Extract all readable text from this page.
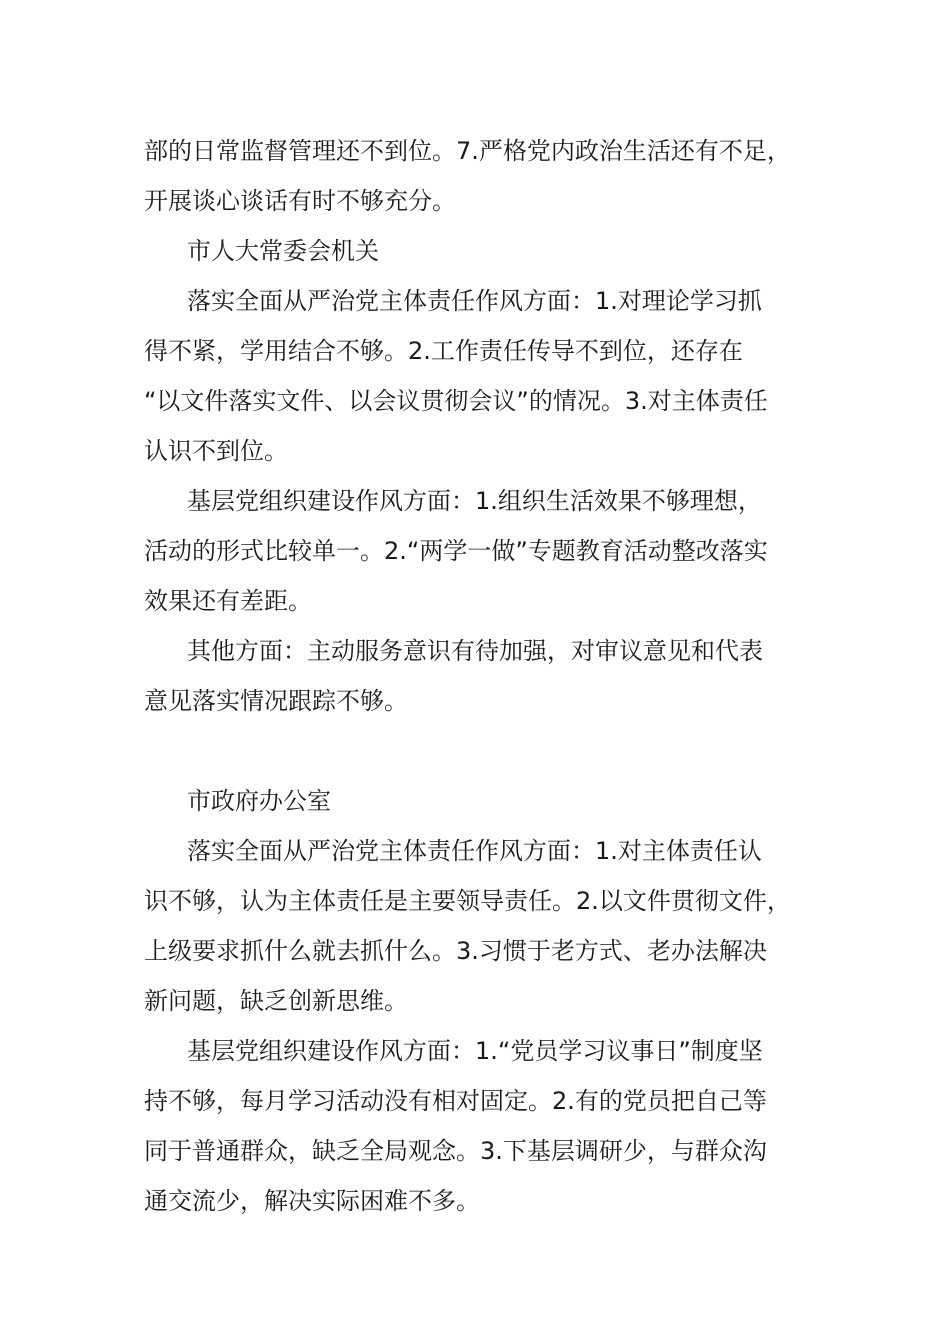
部的日常监督管理还不到位。7.严格党内政治生活还有不足，

开展谈心谈话有时不够充分。

市人大常委会机关

落实全面从严治党主体责任作风方面：1.对理论学习抓

得不紧，学用结合不够。2.工作责任传导不到位，还存在

“以文件落实文件、以会议贯彻会议”的情况。3.对主体责任

认识不到位。

基层党组织建设作风方面：1.组织生活效果不够理想，

活动的形式比较单一。2.“两学一做”专题教育活动整改落实

效果还有差距。

其他方面：主动服务意识有待加强，对审议意见和代表

意见落实情况跟踪不够。

市政府办公室

落实全面从严治党主体责任作风方面：1.对主体责任认

识不够，认为主体责任是主要领导责任。2.以文件贯彻文件，

上级要求抓什么就去抓什么。3.习惯于老方式、老办法解决

新问题，缺乏创新思维。

基层党组织建设作风方面：1.“党员学习议事日”制度坚

持不够，每月学习活动没有相对固定。2.有的党员把自己等

同于普通群众，缺乏全局观念。3.下基层调研少，与群众沟

通交流少，解决实际困难不多。
